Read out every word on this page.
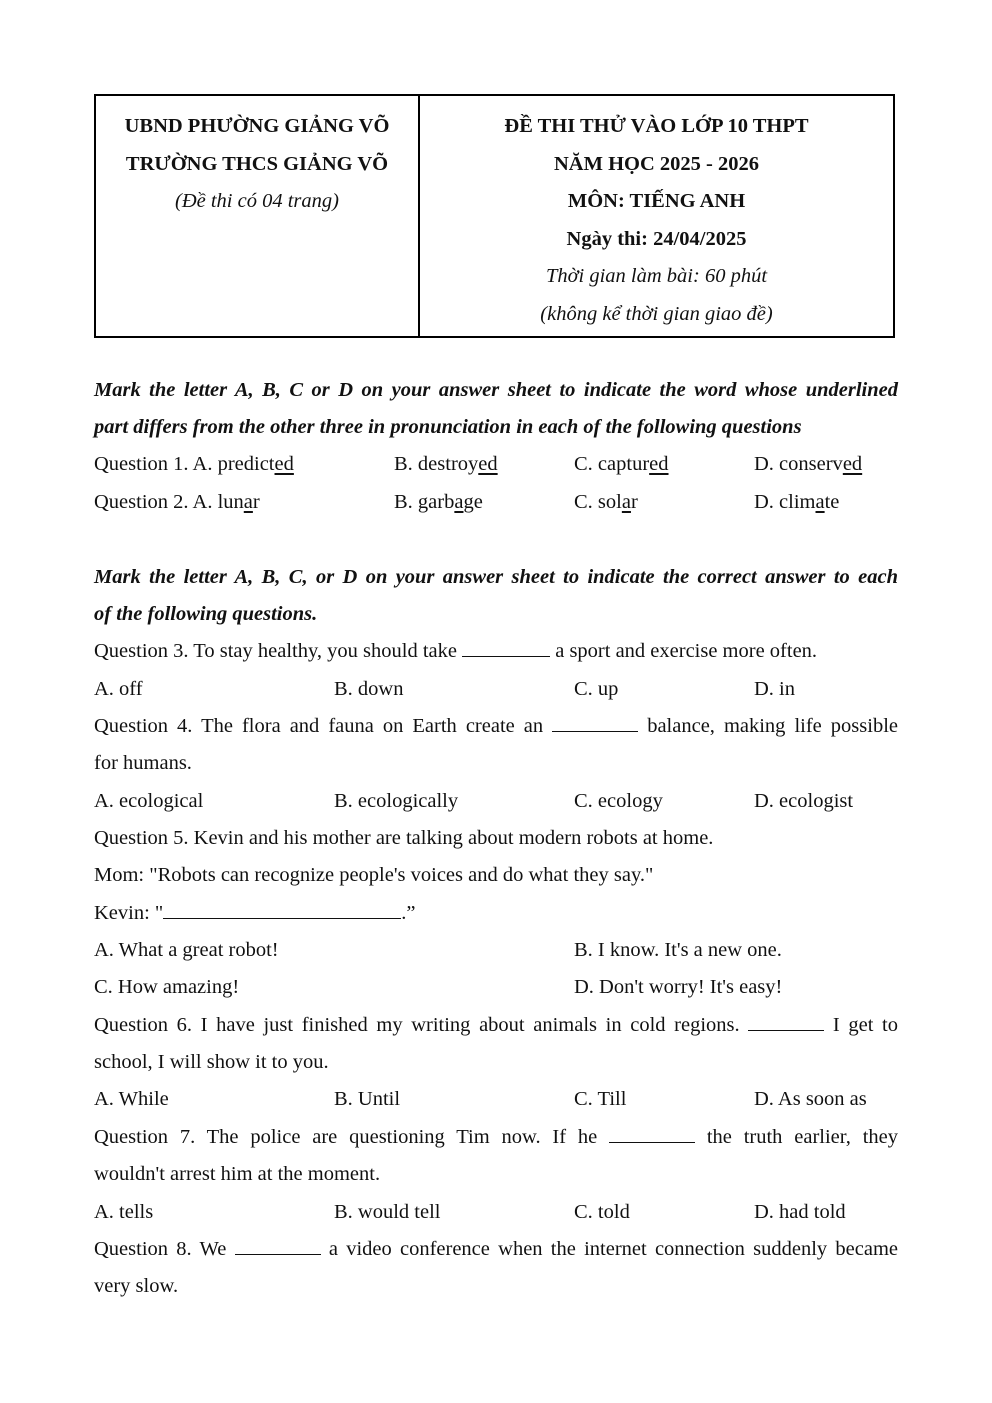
UBND PHƯỜNG GIẢNG VÕ
TRƯỜNG THCS GIẢNG VÕ
(Đề thi có 04 trang)
ĐỀ THI THỬ VÀO LỚP 10 THPT
NĂM HỌC 2025 - 2026
MÔN: TIẾNG ANH
Ngày thi: 24/04/2025
Thời gian làm bài: 60 phút
(không kể thời gian giao đề)
Mark the letter A, B, C or D on your answer sheet to indicate the word whose underlined
part differs from the other three in pronunciation in each of the following questions
Question 1. A. predicted	B. destroyed	C. captured	D. conserved
Question 2. A. lunar	B. garbage	C. solar	D. climate
Mark the letter A, B, C, or D on your answer sheet to indicate the correct answer to each
of the following questions.
Question 3. To stay healthy, you should take	a sport and exercise more often.
A. off	B. down	C. up	D. in
Question 4. The flora and fauna on Earth create an	balance, making life possible
for humans.
A. ecological	B. ecologically	C. ecology	D. ecologist
Question 5. Kevin and his mother are talking about modern robots at home.
Mom: "Robots can recognize people's voices and do what they say."
Kevin: "	.”
A. What a great robot!	B. I know. It's a new one.
C. How amazing!	D. Don't worry! It's easy!
Question 6. I have just finished my writing about animals in cold regions.	I get to
school, I will show it to you.
A. While	B. Until	C. Till	D. As soon as
Question 7. The police are questioning Tim now. If he	the truth earlier, they
wouldn't arrest him at the moment.
A. tells	B. would tell	C. told	D. had told
Question 8. We	a video conference when the internet connection suddenly became
very slow.
